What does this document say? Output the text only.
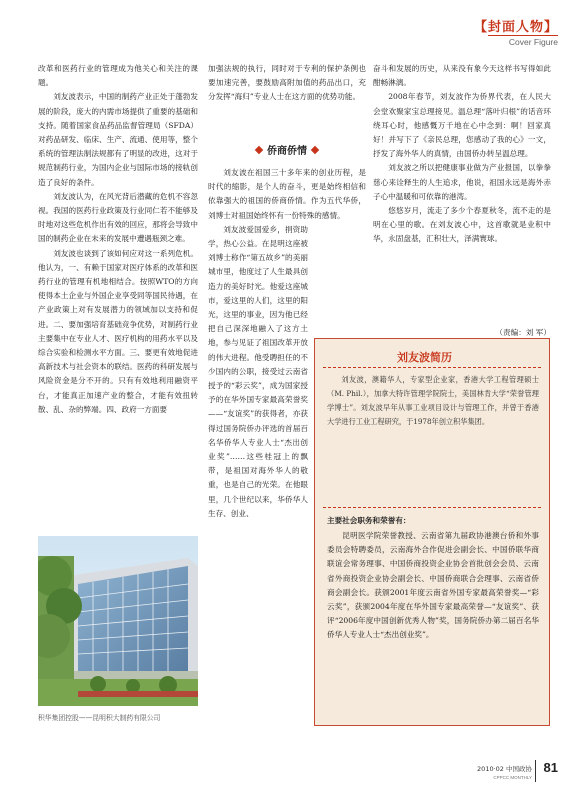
【封面人物】
Cover Figure

改革和医药行业的管理成为他关心和关注的课题。

刘友波表示，中国的制药产业正处于蓬勃发展的阶段，庞大的内需市场提供了重要的基础和支持。随着国家食品药品监督管理局（SFDA）对药品研发、临床、生产、流通、使用等，整个系统的管理法制法规都有了明显的改进，这对于规范制药行业，为国内企业与国际市场的接轨创造了良好的条件。

刘友波认为，在风光背后潜藏的危机不容忽视。我国的医药行业政策及行业同仁若不能够及时地对这些危机作出有效的回应，那将会导致中国的制药企业在未来的发展中遭遇瓶颈之难。

刘友波也谈到了该如何应对这一系列危机。他认为，一、有赖于国家对医疗体系的改革和医药行业的管理有机地相结合。按照WTO的方向使得本土企业与外国企业享受同等国民待遇，在产业政策上对有发展潜力的领域加以支持和促进。二、要加强培育基础竞争优势，对制药行业主要集中在专业人才、医疗机构的用药水平以及综合实验和检测水平方面。三、要更有效地促进高新技术与社会资本的联结。医药的科研发展与风险资金是分不开的。只有有效地利用融资平台，才能真正加速产业的整合，才能有效扭转散、乱、杂的弊端。四、政府一方面要

加强法规的执行，同时对于专利的保护条例也要加速完善，要鼓励高附加值的药品出口，充分发挥“海归”专业人士在这方面的优势功能。

侨商侨情

刘友波在祖国三十多年来的创业历程，是时代的缩影，是个人的奋斗，更是始终相信和依靠强大的祖国的侨商侨情。作为五代华侨，刘博士对祖国始终怀有一份特殊的感情。

刘友波爱国爱乡，捐资助学，热心公益。在昆明这座被刘博士称作“第五故乡”的美丽城市里，他度过了人生最具创造力的美好时光。他爱这座城市，爱这里的人们，这里的阳光，这里的事业，因为他已经把自己深深地融入了这方土地，参与见证了祖国改革开放的伟大进程。他受聘担任的不少国内的公职，接受过云南省授予的“彩云奖”，成为国家授予的在华外国专家最高荣誉奖——“友谊奖”的获得者，亦获得过国务院侨办评选的首届百名华侨华人专业人士“杰出创业奖”……这些桂冠上的飘带，是祖国对海外华人的敬重，也是自己的光荣。在他眼里，几个世纪以来，华侨华人生存、创业、

奋斗和发展的历史，从来没有象今天这样书写得如此酣畅淋漓。

2008年春节，刘友波作为侨界代表，在人民大会堂欢聚家宝总理接见。温总理“落叶归根”的话音环绕耳心时，他感慨万千地在心中念到：啊！回家真好！并写下了《亲民总理，您感动了我的心》一文，抒发了海外华人的真情，由国侨办转呈温总理。

刘友波之所以把健康事业做为产业报国，以拳拳慈心来诠释生的人生追求，他说，祖国永远是海外赤子心中温暖和可依靠的港湾。

悠悠岁月，流走了多少个春夏秋冬，流不走的是明在心里的歌。在刘友波心中，这首歌就是业积中华，永固盘基，汇积壮大，泽满寰球。

（责编：刘 军）
积华集团控股——昆明积大制药有限公司
刘友波简历

刘友波，澳籍华人，专家型企业家，香港大学工程管理硕士（M. Phil.），加拿大特许管理学院院士，美国林肯大学“荣誉管理学博士”。刘友波早年从事工业项目设计与管理工作，并曾于香港大学进行工业工程研究，于1978年创立积华集团。

主要社会职务和荣誉有：

昆明医学院荣誉教授、云南省第九届政协港澳台侨和外事委员会特聘委员，云南海外合作促进会副会长、中国侨联华商联谊会常务理事、中国侨商投资企业协会首批创会会员、云南省外商投资企业协会副会长、中国侨商联合会理事、云南省侨商会副会长。获颁2001年度云南省外国专家最高荣誉奖—“彩云奖”，获颁2004年度在华外国专家最高荣誉—“友谊奖”、获评“2006年度中国创新优秀人物”奖，国务院侨办第二届百名华侨华人专业人士“杰出创业奖”。

2010·02 中国政协
CPPCC MONTHLY
81
